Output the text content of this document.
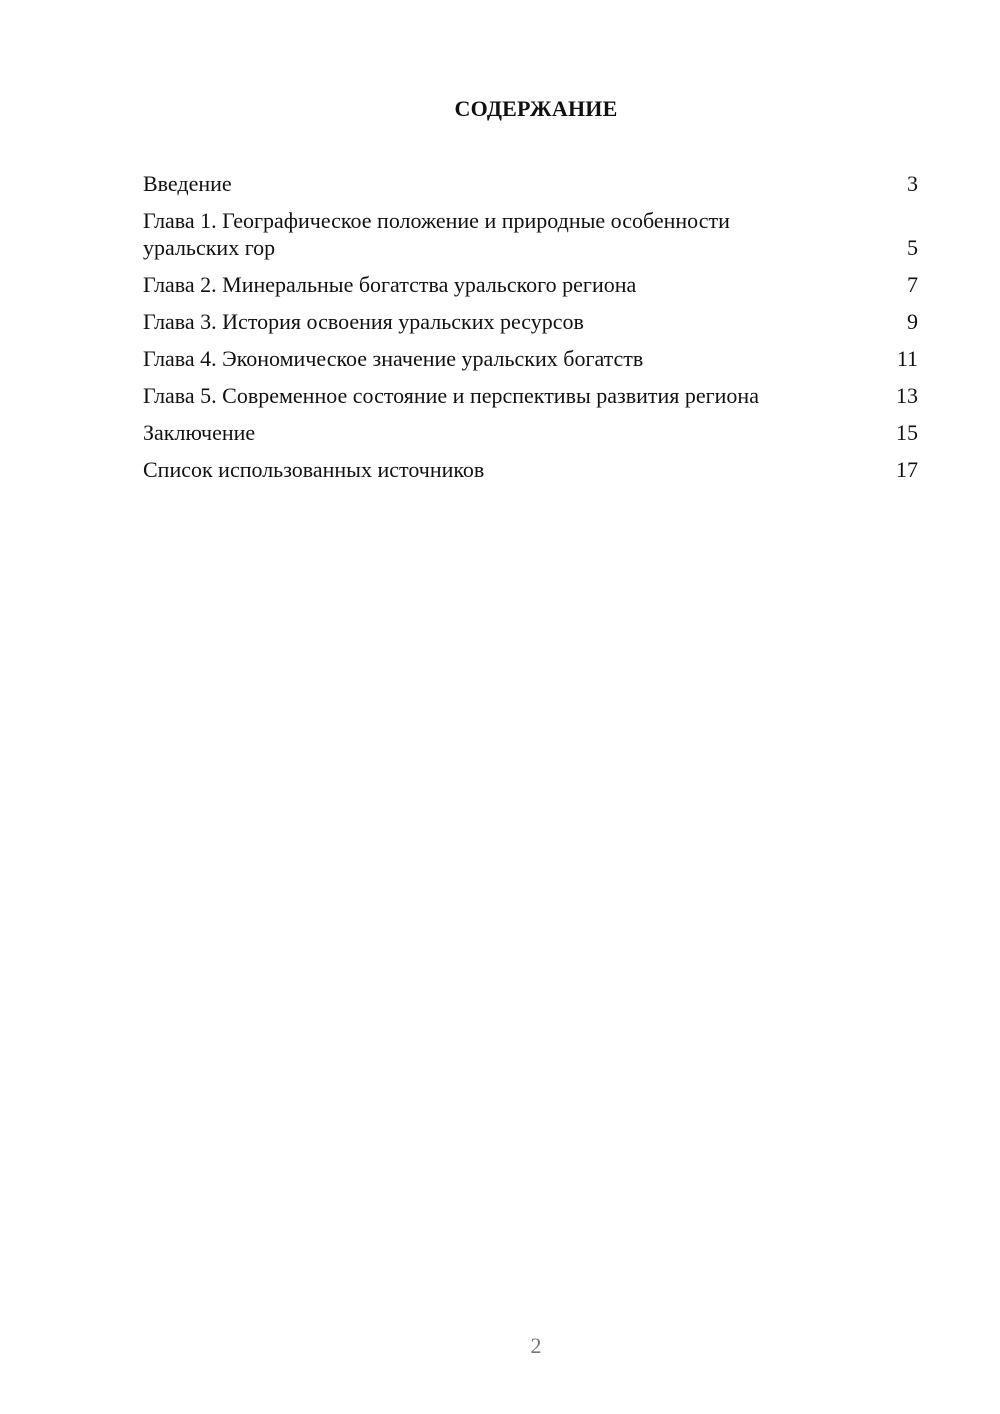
СОДЕРЖАНИЕ
Введение	3
Глава 1. Географическое положение и природные особенности уральских гор	5
Глава 2. Минеральные богатства уральского региона	7
Глава 3. История освоения уральских ресурсов	9
Глава 4. Экономическое значение уральских богатств	11
Глава 5. Современное состояние и перспективы развития региона	13
Заключение	15
Список использованных источников	17
2
